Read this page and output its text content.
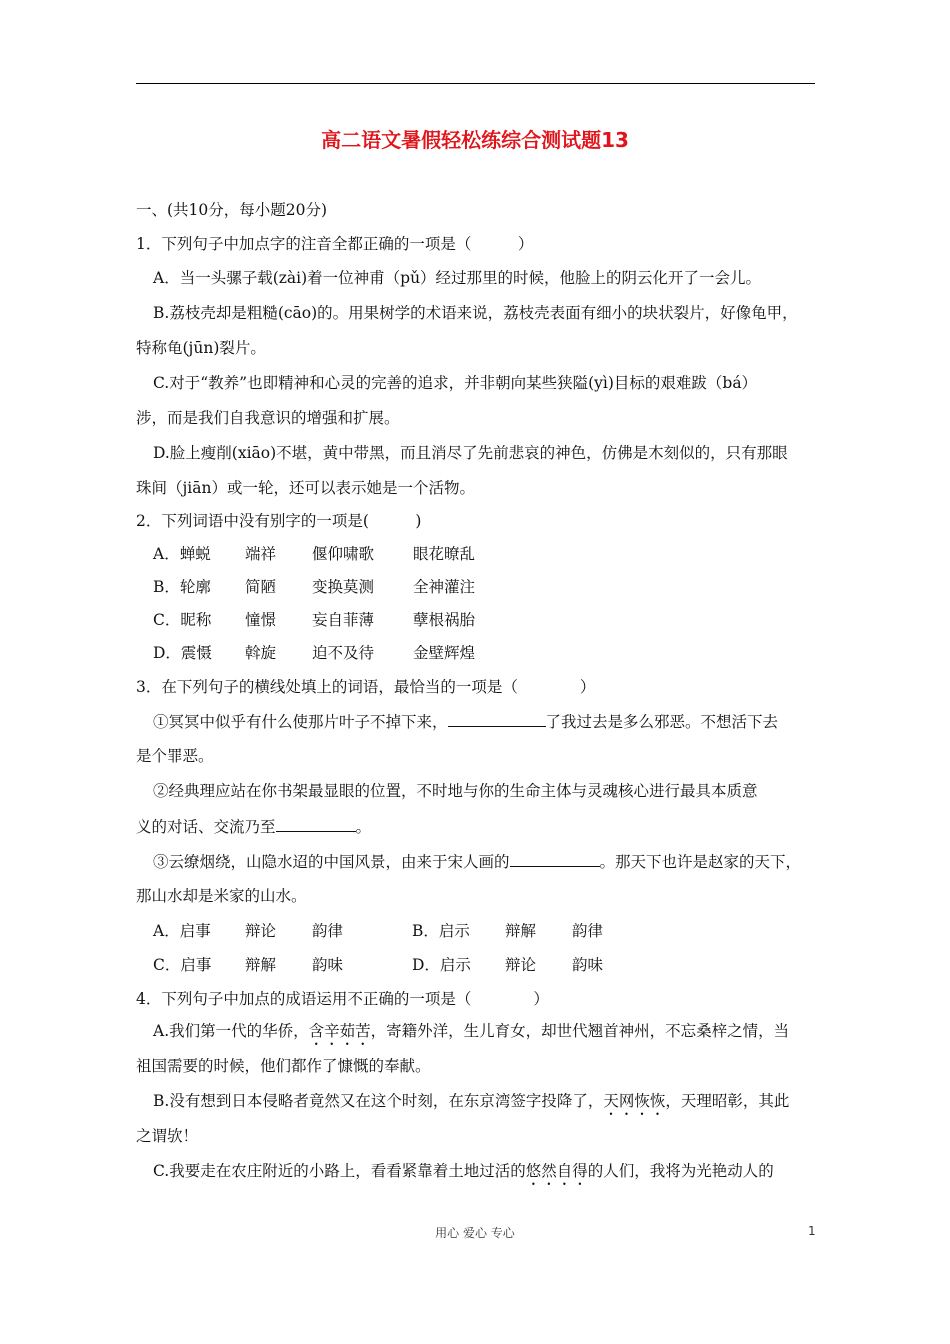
高二语文暑假轻松练综合测试题13
一、(共10分，每小题20分)
1．下列句子中加点字的注音全都正确的一项是（　　　）
A．当一头骡子载(zài)着一位神甫（pǔ）经过那里的时候，他脸上的阴云化开了一会儿。
B.荔枝壳却是粗糙(cāo)的。用果树学的术语来说，荔枝壳表面有细小的块状裂片，好像龟甲，
特称龟(jūn)裂片。
C.对于“教养”也即精神和心灵的完善的追求，并非朝向某些狭隘(yì)目标的艰难跋（bá）
涉，而是我们自我意识的增强和扩展。
D.脸上瘦削(xiāo)不堪，黄中带黑，而且消尽了先前悲哀的神色，仿佛是木刻似的，只有那眼
珠间（jiān）或一轮，还可以表示她是一个活物。
2．下列词语中没有别字的一项是(　　　)
A．蝉蜕 端祥 偃仰啸歌	眼花暸乱
B．轮廓 简陋 变换莫测	全神灌注
C．昵称 憧憬 妄自菲薄	孽根祸胎
D．震慑 斡旋 迫不及待	金壁辉煌
3．在下列句子的横线处填上的词语，最恰当的一项是（　　　　）
①冥冥中似乎有什么使那片叶子不掉下来，	了我过去是多么邪恶。不想活下去
是个罪恶。
②经典理应站在你书架最显眼的位置，不时地与你的生命主体与灵魂核心进行最具本质意
义的对话、交流乃至	。
③云缭烟绕，山隐水迢的中国风景，由来于宋人画的	。那天下也许是赵家的天下，
那山水却是米家的山水。
A．启事 辩论 韵律	B．启示 辩解 韵律
C．启事 辩解 韵味	D．启示 辩论 韵味
4．下列句子中加点的成语运用不正确的一项是（　　　　）
A.我们第一代的华侨，含辛茹苦，寄籍外洋，生儿育女，却世代翘首神州，不忘桑梓之情，当
祖国需要的时候，他们都作了慷慨的奉献。
B.没有想到日本侵略者竟然又在这个时刻，在东京湾签字投降了，天网恢恢，天理昭彰，其此
之谓欤！
C.我要走在农庄附近的小路上，看看紧靠着土地过活的悠然自得的人们，我将为光艳动人的
用心 爱心 专心	1
